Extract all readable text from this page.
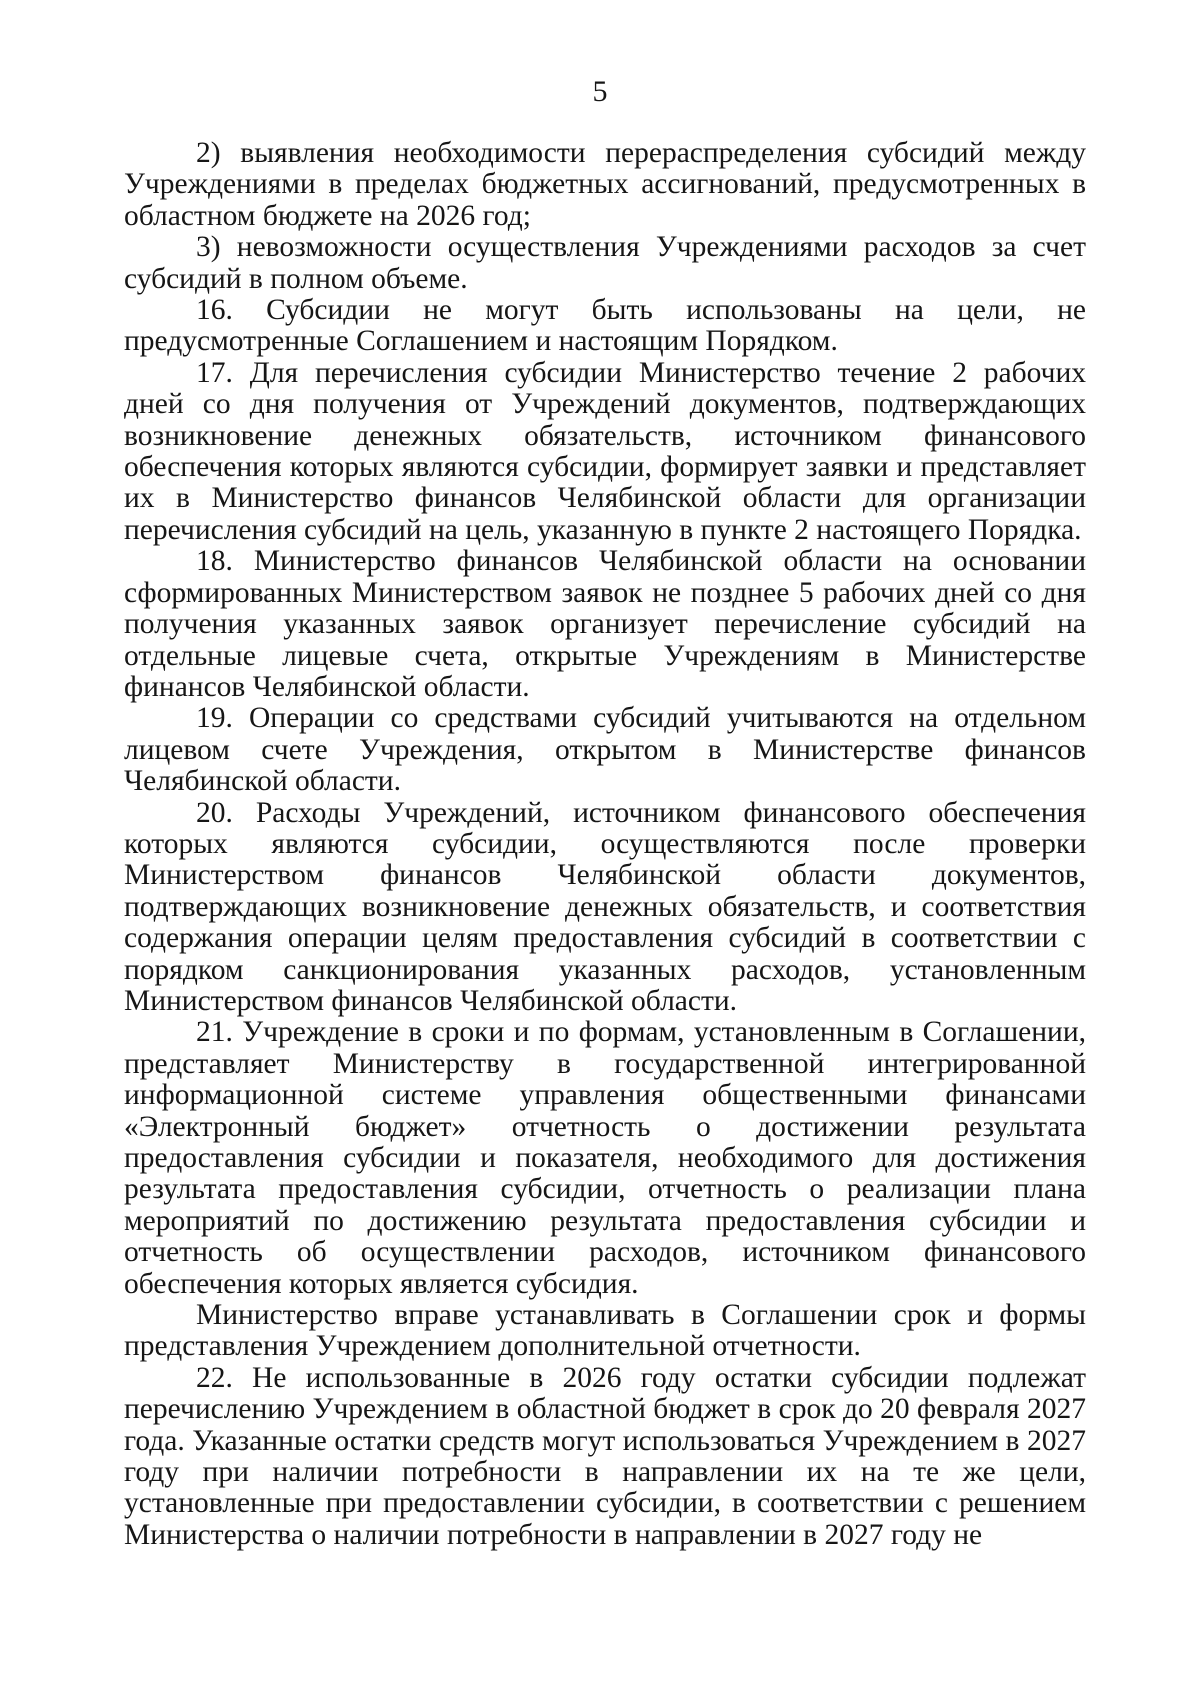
5

2) выявления необходимости перераспределения субсидий между Учреждениями в пределах бюджетных ассигнований, предусмотренных в областном бюджете на 2026 год;

3) невозможности осуществления Учреждениями расходов за счет субсидий в полном объеме.

16. Субсидии не могут быть использованы на цели, не предусмотренные Соглашением и настоящим Порядком.

17. Для перечисления субсидии Министерство течение 2 рабочих дней со дня получения от Учреждений документов, подтверждающих возникновение денежных обязательств, источником финансового обеспечения которых являются субсидии, формирует заявки и представляет их в Министерство финансов Челябинской области для организации перечисления субсидий на цель, указанную в пункте 2 настоящего Порядка.

18. Министерство финансов Челябинской области на основании сформированных Министерством заявок не позднее 5 рабочих дней со дня получения указанных заявок организует перечисление субсидий на отдельные лицевые счета, открытые Учреждениям в Министерстве финансов Челябинской области.

19. Операции со средствами субсидий учитываются на отдельном лицевом счете Учреждения, открытом в Министерстве финансов Челябинской области.

20. Расходы Учреждений, источником финансового обеспечения которых являются субсидии, осуществляются после проверки Министерством финансов Челябинской области документов, подтверждающих возникновение денежных обязательств, и соответствия содержания операции целям предоставления субсидий в соответствии с порядком санкционирования указанных расходов, установленным Министерством финансов Челябинской области.

21. Учреждение в сроки и по формам, установленным в Соглашении, представляет Министерству в государственной интегрированной информационной системе управления общественными финансами «Электронный бюджет» отчетность о достижении результата предоставления субсидии и показателя, необходимого для достижения результата предоставления субсидии, отчетность о реализации плана мероприятий по достижению результата предоставления субсидии и отчетность об осуществлении расходов, источником финансового обеспечения которых является субсидия.

Министерство вправе устанавливать в Соглашении срок и формы представления Учреждением дополнительной отчетности.

22. Не использованные в 2026 году остатки субсидии подлежат перечислению Учреждением в областной бюджет в срок до 20 февраля 2027 года. Указанные остатки средств могут использоваться Учреждением в 2027 году при наличии потребности в направлении их на те же цели, установленные при предоставлении субсидии, в соответствии с решением Министерства о наличии потребности в направлении в 2027 году не
